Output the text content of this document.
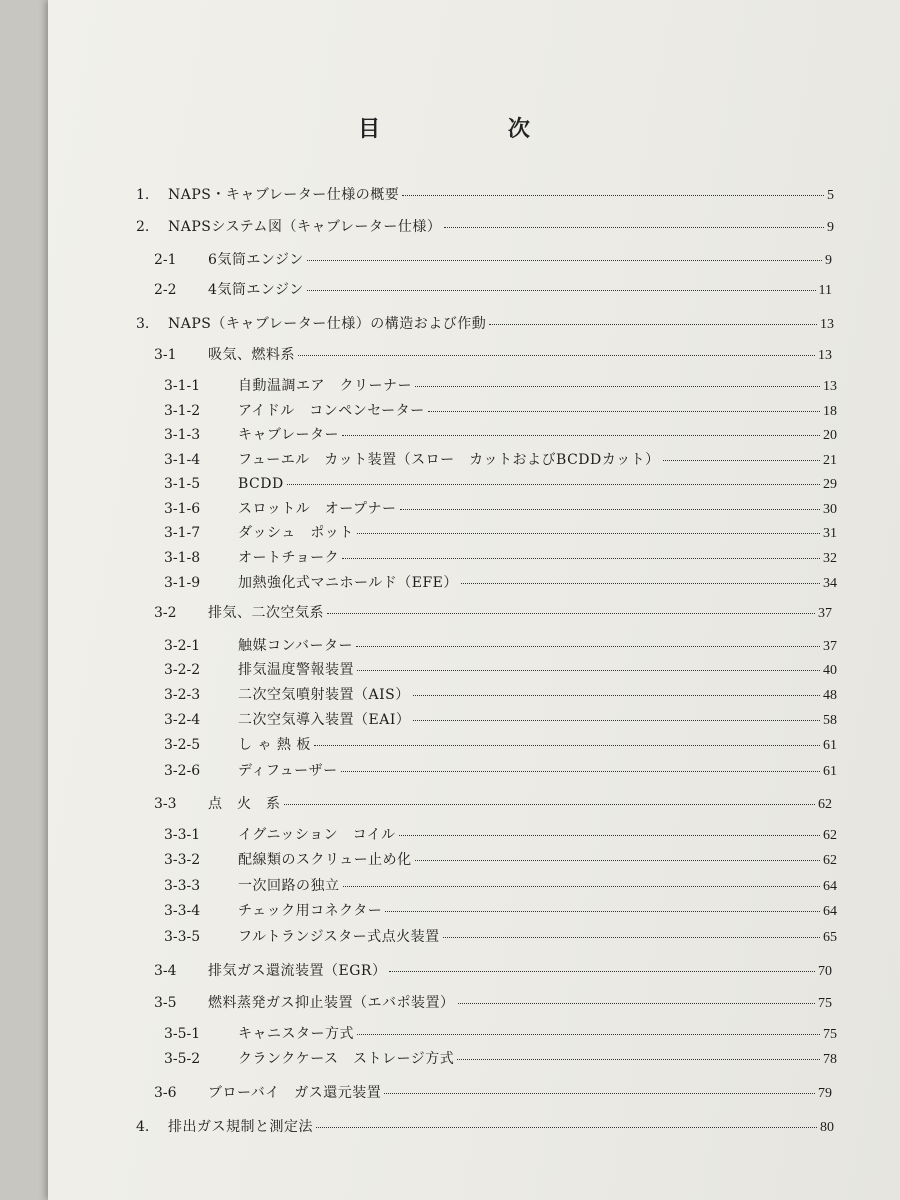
目 次
1.	NAPS・キャブレーター仕様の概要	5
2.	NAPSシステム図（キャブレーター仕様）	9
2-1	6気筒エンジン	9
2-2	4気筒エンジン	11
3.	NAPS（キャブレーター仕様）の構造および作動	13
3-1	吸気、燃料系	13
3-1-1	自動温調エア　クリーナー	13
3-1-2	アイドル　コンペンセーター	18
3-1-3	キャブレーター	20
3-1-4	フューエル　カット装置（スロー　カットおよびBCDDカット）	21
3-1-5	BCDD	29
3-1-6	スロットル　オープナー	30
3-1-7	ダッシュ　ポット	31
3-1-8	オートチョーク	32
3-1-9	加熱強化式マニホールド（EFE）	34
3-2	排気、二次空気系	37
3-2-1	触媒コンバーター	37
3-2-2	排気温度警報装置	40
3-2-3	二次空気噴射装置（AIS）	48
3-2-4	二次空気導入装置（EAI）	58
3-2-5	し ゃ 熱 板	61
3-2-6	ディフューザー	61
3-3	点　火　系	62
3-3-1	イグニッション　コイル	62
3-3-2	配線類のスクリュー止め化	62
3-3-3	一次回路の独立	64
3-3-4	チェック用コネクター	64
3-3-5	フルトランジスター式点火装置	65
3-4	排気ガス還流装置（EGR）	70
3-5	燃料蒸発ガス抑止装置（エバポ装置）	75
3-5-1	キャニスター方式	75
3-5-2	クランクケース　ストレージ方式	78
3-6	ブローバイ　ガス還元装置	79
4.	排出ガス規制と測定法	80
